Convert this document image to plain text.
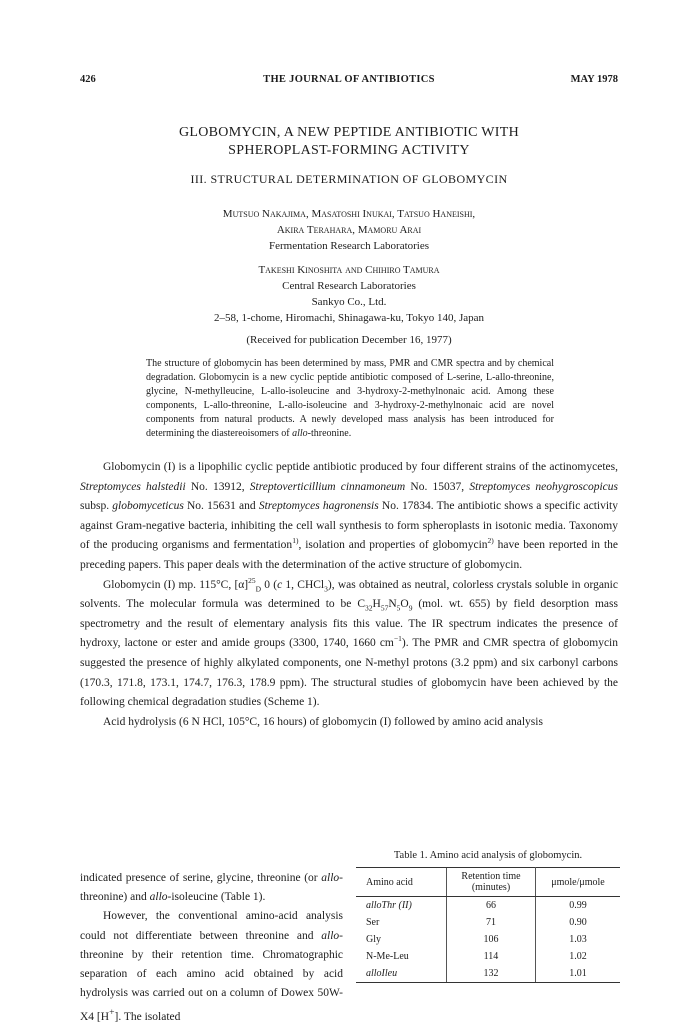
426	THE JOURNAL OF ANTIBIOTICS	MAY 1978
GLOBOMYCIN, A NEW PEPTIDE ANTIBIOTIC WITH
SPHEROPLAST-FORMING ACTIVITY
III. STRUCTURAL DETERMINATION OF GLOBOMYCIN
Mutsuo Nakajima, Masatoshi Inukai, Tatsuo Haneishi,
Akira Terahara, Mamoru Arai
Fermentation Research Laboratories
Takeshi Kinoshita and Chihiro Tamura
Central Research Laboratories
Sankyo Co., Ltd.
2–58, 1-chome, Hiromachi, Shinagawa-ku, Tokyo 140, Japan
(Received for publication December 16, 1977)
The structure of globomycin has been determined by mass, PMR and CMR spectra and by chemical degradation. Globomycin is a new cyclic peptide antibiotic composed of L-serine, L-allo-threonine, glycine, N-methylleucine, L-allo-isoleucine and 3-hydroxy-2-methylnonaic acid. Among these components, L-allo-threonine, L-allo-isoleucine and 3-hydroxy-2-methylnonaic acid are novel components from natural products. A newly developed mass analysis has been introduced for determining the diastereoisomers of allo-threonine.

Globomycin (I) is a lipophilic cyclic peptide antibiotic produced by four different strains of the actinomycetes, Streptomyces halstedii No. 13912, Streptoverticillium cinnamoneum No. 15037, Streptomyces neohygroscopicus subsp. globomyceticus No. 15631 and Streptomyces hagronensis No. 17834. The antibiotic shows a specific activity against Gram-negative bacteria, inhibiting the cell wall synthesis to form spheroplasts in isotonic media. Taxonomy of the producing organisms and fermentation$^{1)}$, isolation and properties of globomycin$^{2)}$ have been reported in the preceding papers. This paper deals with the determination of the active structure of globomycin.

Globomycin (I) mp. 115°C, $[\alpha]^{25}_D$ 0 (c 1, CHCl$_3$), was obtained as neutral, colorless crystals soluble in organic solvents. The molecular formula was determined to be $C_{32}H_{57}N_5O_9$ (mol. wt. 655) by field desorption mass spectrometry and the result of elementary analysis fits this value. The IR spectrum indicates the presence of hydroxy, lactone or ester and amide groups (3300, 1740, 1660 $cm^{-1}$). The PMR and CMR spectra of globomycin suggested the presence of highly alkylated components, one N-methyl protons (3.2 ppm) and six carbonyl carbons (170.3, 171.8, 173.1, 174.7, 176.3, 178.9 ppm). The structural studies of globomycin have been achieved by the following chemical degradation studies (Scheme 1).

Acid hydrolysis (6 N HCl, 105°C, 16 hours) of globomycin (I) followed by amino acid analysis

indicated presence of serine, glycine, threonine (or allo-threonine) and allo-isoleucine (Table 1).

However, the conventional amino-acid analysis could not differentiate between threonine and allo-threonine by their retention time. Chromatographic separation of each amino acid obtained by acid hydrolysis was carried out on a column of Dowex 50W-X4 [H+]. The isolated

Table 1. Amino acid analysis of globomycin.
Amino acid	Retention time (minutes)	μmole/μmole
alloThr (II)	66	0.99
Ser	71	0.90
Gly	106	1.03
N-Me-Leu	114	1.02
alloIleu	132	1.01
